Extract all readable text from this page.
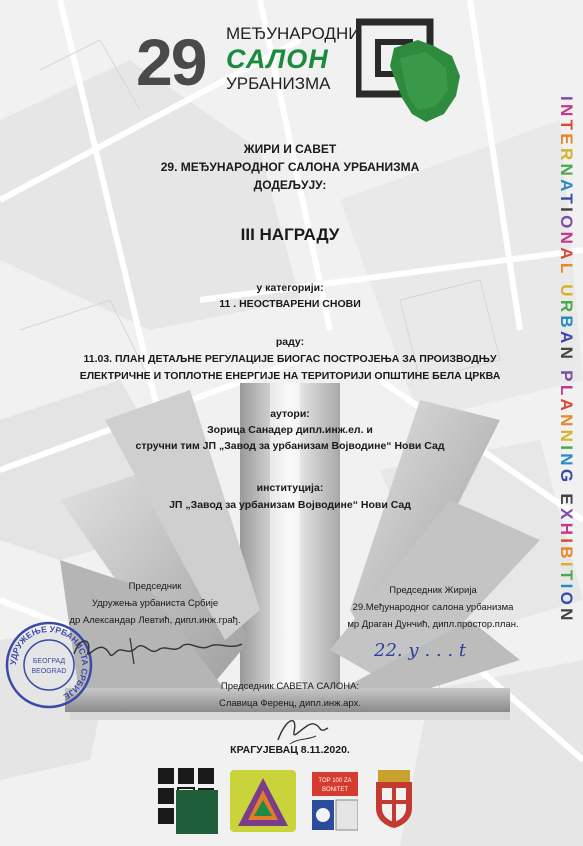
29	МЕЂУНАРОДНИ
САЛОН
УРБАНИЗМА
INTERNATIONAL URBAN PLANNING EXHIBITION
ЖИРИ И САВЕТ
29. МЕЂУНАРОДНОГ САЛОНА УРБАНИЗМА
ДОДЕЉУЈУ:
III НАГРАДУ
у категорији:
11 . НЕОСТВАРЕНИ СНОВИ
раду:
11.03. ПЛАН ДЕТАЉНЕ РЕГУЛАЦИЈЕ БИОГАС ПОСТРОЈЕЊА ЗА ПРОИЗВОДЊУ
ЕЛЕКТРИЧНЕ И ТОПЛОТНЕ ЕНЕРГИЈЕ НА ТЕРИТОРИЈИ ОПШТИНЕ БЕЛА ЦРКВА
аутори:
Зорица Санадер дипл.инж.ел. и
стручни тим ЈП „Завод за урбанизам Војводине“ Нови Сад
институција:
ЈП „Завод за урбанизам Војводине“ Нови Сад
Председник
Удружења урбаниста Србије
др Александар Левтић, дипл.инж.грађ.
Председник Жирија
29.Међународног салона урбанизма
мр Драган Дунчић, дипл.простор.план.
Председник САВЕТА САЛОНА:
Славица Ференц, дипл.инж.арх.
УДРУЖЕЊЕ УРБАНИСТА СРБИЈЕ
БЕОГРАД
BEOGRAD
22. у . . . t
КРАГУЈЕВАЦ 8.11.2020.
TOP 100 ZA
BONITET
